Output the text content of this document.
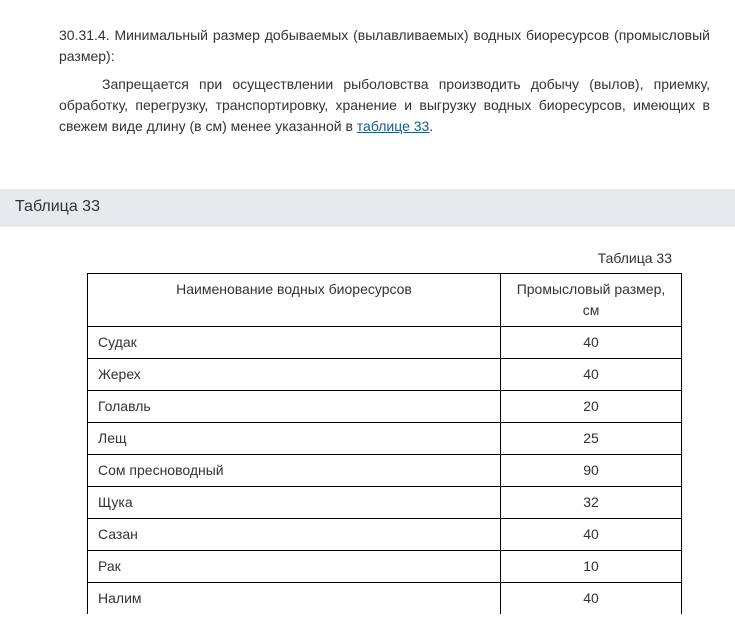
30.31.4. Минимальный размер добываемых (вылавливаемых) водных биоресурсов (промысловый размер):

Запрещается при осуществлении рыболовства производить добычу (вылов), приемку, обработку, перегрузку, транспортировку, хранение и выгрузку водных биоресурсов, имеющих в свежем виде длину (в см) менее указанной в таблице 33.

Таблица 33
Таблица 33
Наименование водных биоресурсов	Промысловый размер, см
Судак	40
Жерех	40
Голавль	20
Лещ	25
Сом пресноводный	90
Щука	32
Сазан	40
Рак	10
Налим	40
